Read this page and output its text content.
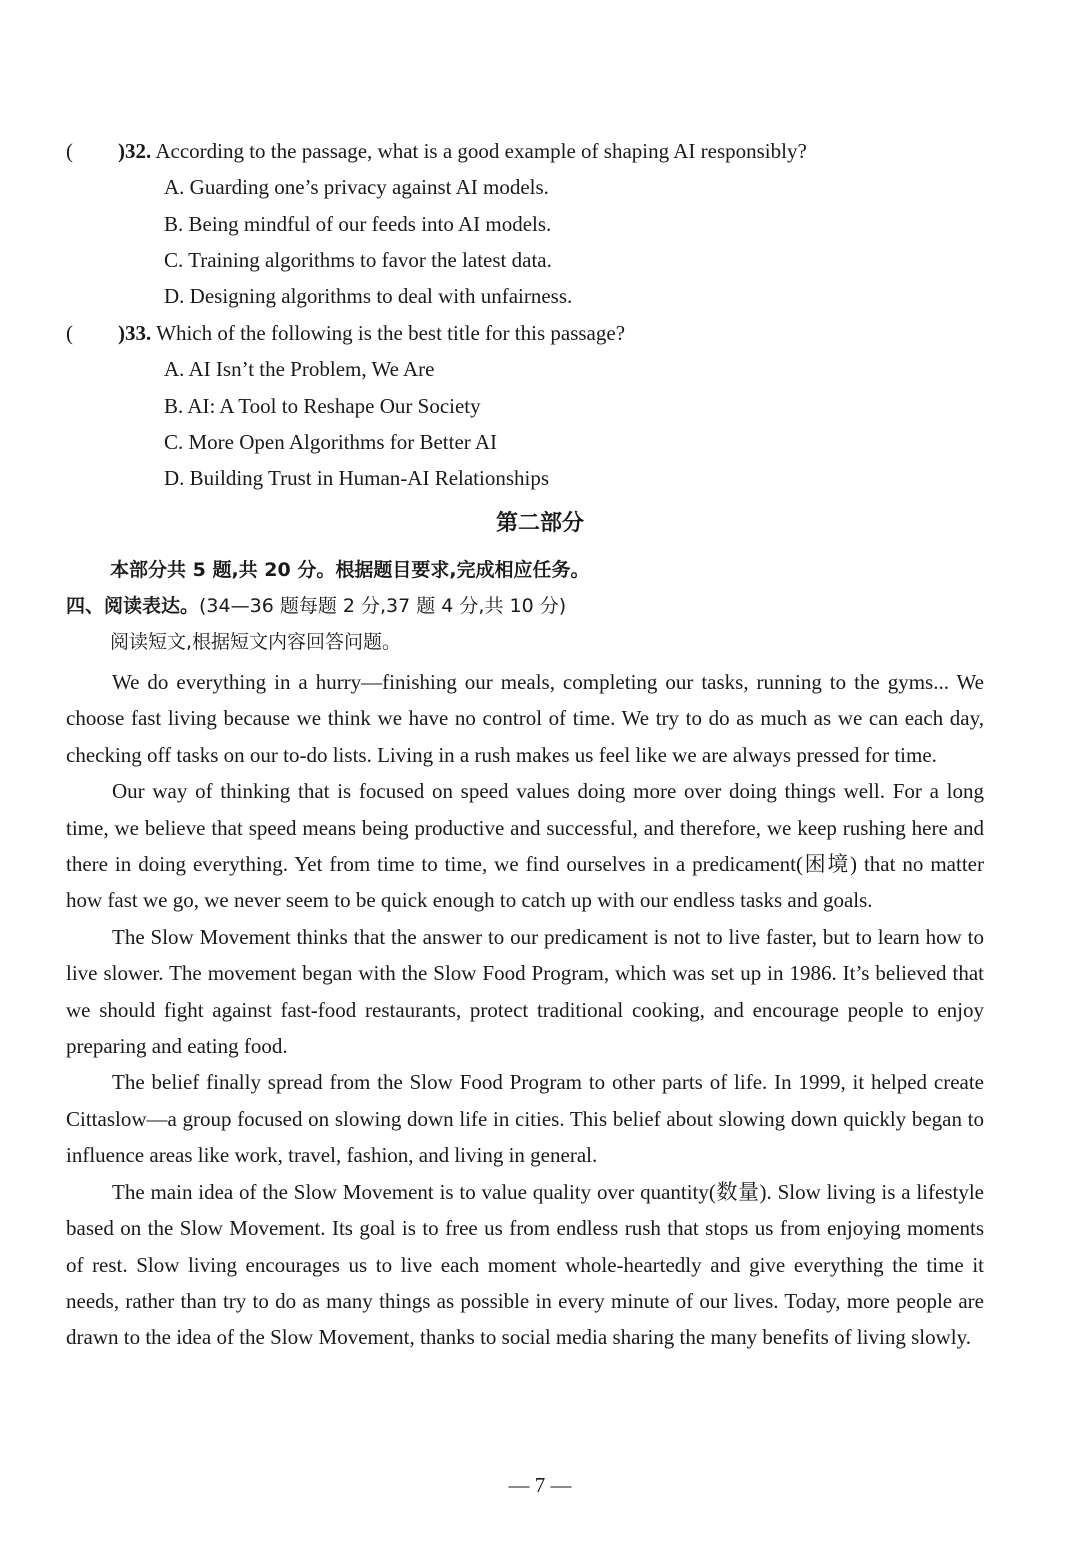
( )32. According to the passage, what is a good example of shaping AI responsibly?
A. Guarding one’s privacy against AI models.
B. Being mindful of our feeds into AI models.
C. Training algorithms to favor the latest data.
D. Designing algorithms to deal with unfairness.
( )33. Which of the following is the best title for this passage?
A. AI Isn’t the Problem, We Are
B. AI: A Tool to Reshape Our Society
C. More Open Algorithms for Better AI
D. Building Trust in Human-AI Relationships
第二部分
本部分共 5 题,共 20 分。根据题目要求,完成相应任务。
四、阅读表达。(34—36 题每题 2 分,37 题 4 分,共 10 分)
阅读短文,根据短文内容回答问题。

We do everything in a hurry—finishing our meals, completing our tasks, running to the gyms... We choose fast living because we think we have no control of time. We try to do as much as we can each day, checking off tasks on our to-do lists. Living in a rush makes us feel like we are always pressed for time.

Our way of thinking that is focused on speed values doing more over doing things well. For a long time, we believe that speed means being productive and successful, and therefore, we keep rushing here and there in doing everything. Yet from time to time, we find ourselves in a predicament(困境) that no matter how fast we go, we never seem to be quick enough to catch up with our endless tasks and goals.

The Slow Movement thinks that the answer to our predicament is not to live faster, but to learn how to live slower. The movement began with the Slow Food Program, which was set up in 1986. It’s believed that we should fight against fast-food restaurants, protect traditional cooking, and encourage people to enjoy preparing and eating food.

The belief finally spread from the Slow Food Program to other parts of life. In 1999, it helped create Cittaslow—a group focused on slowing down life in cities. This belief about slowing down quickly began to influence areas like work, travel, fashion, and living in general.

The main idea of the Slow Movement is to value quality over quantity(数量). Slow living is a lifestyle based on the Slow Movement. Its goal is to free us from endless rush that stops us from enjoying moments of rest. Slow living encourages us to live each moment whole-heartedly and give everything the time it needs, rather than try to do as many things as possible in every minute of our lives. Today, more people are drawn to the idea of the Slow Movement, thanks to social media sharing the many benefits of living slowly.

— 7 —
